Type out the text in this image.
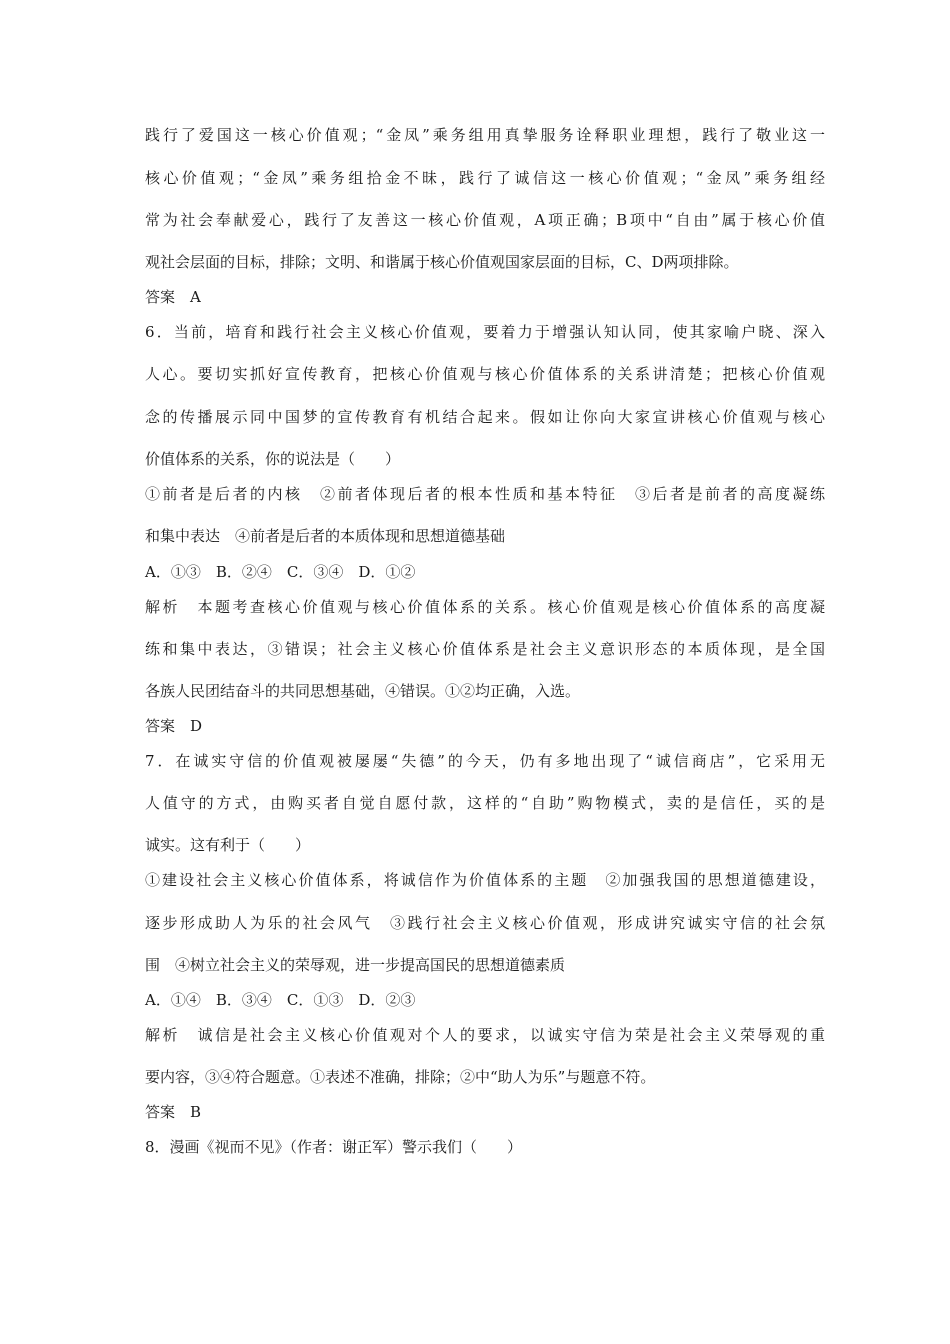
践行了爱国这一核心价值观；“金凤”乘务组用真挚服务诠释职业理想，践行了敬业这一
核心价值观；“金凤”乘务组拾金不昧，践行了诚信这一核心价值观；“金凤”乘务组经
常为社会奉献爱心，践行了友善这一核心价值观，A项正确；B项中“自由”属于核心价值
观社会层面的目标，排除；文明、和谐属于核心价值观国家层面的目标，C、D两项排除。
答案　A
6．当前，培育和践行社会主义核心价值观，要着力于增强认知认同，使其家喻户晓、深入
人心。要切实抓好宣传教育，把核心价值观与核心价值体系的关系讲清楚；把核心价值观
念的传播展示同中国梦的宣传教育有机结合起来。假如让你向大家宣讲核心价值观与核心
价值体系的关系，你的说法是（　　）
①前者是后者的内核　②前者体现后者的根本性质和基本特征　③后者是前者的高度凝练
和集中表达　④前者是后者的本质体现和思想道德基础
A．①③　B．②④　C．③④　D．①②
解析　本题考查核心价值观与核心价值体系的关系。核心价值观是核心价值体系的高度凝
练和集中表达，③错误；社会主义核心价值体系是社会主义意识形态的本质体现，是全国
各族人民团结奋斗的共同思想基础，④错误。①②均正确，入选。
答案　D
7．在诚实守信的价值观被屡屡“失德”的今天，仍有多地出现了“诚信商店”，它采用无
人值守的方式，由购买者自觉自愿付款，这样的“自助”购物模式，卖的是信任，买的是
诚实。这有利于（　　）
①建设社会主义核心价值体系，将诚信作为价值体系的主题　②加强我国的思想道德建设，
逐步形成助人为乐的社会风气　③践行社会主义核心价值观，形成讲究诚实守信的社会氛
围　④树立社会主义的荣辱观，进一步提高国民的思想道德素质
A．①④　B．③④　C．①③　D．②③
解析　诚信是社会主义核心价值观对个人的要求，以诚实守信为荣是社会主义荣辱观的重
要内容，③④符合题意。①表述不准确，排除；②中“助人为乐”与题意不符。
答案　B
8．漫画《视而不见》（作者：谢正军）警示我们（　　）
